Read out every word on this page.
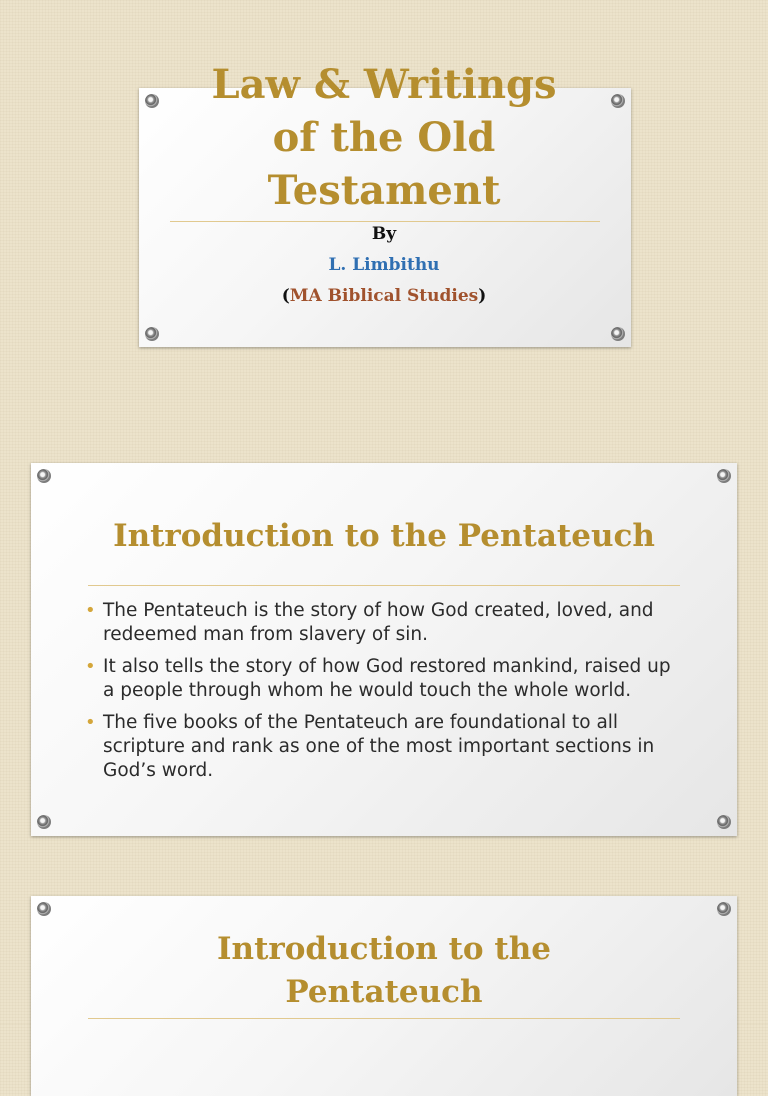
Law & Writings
of the Old
Testament
By
L. Limbithu
(MA Biblical Studies)
Introduction to the Pentateuch
• The Pentateuch is the story of how God created, loved, and redeemed man from slavery of sin.
• It also tells the story of how God restored mankind, raised up a people through whom he would touch the whole world.
• The five books of the Pentateuch are foundational to all scripture and rank as one of the most important sections in God’s word.
Introduction to the
Pentateuch
